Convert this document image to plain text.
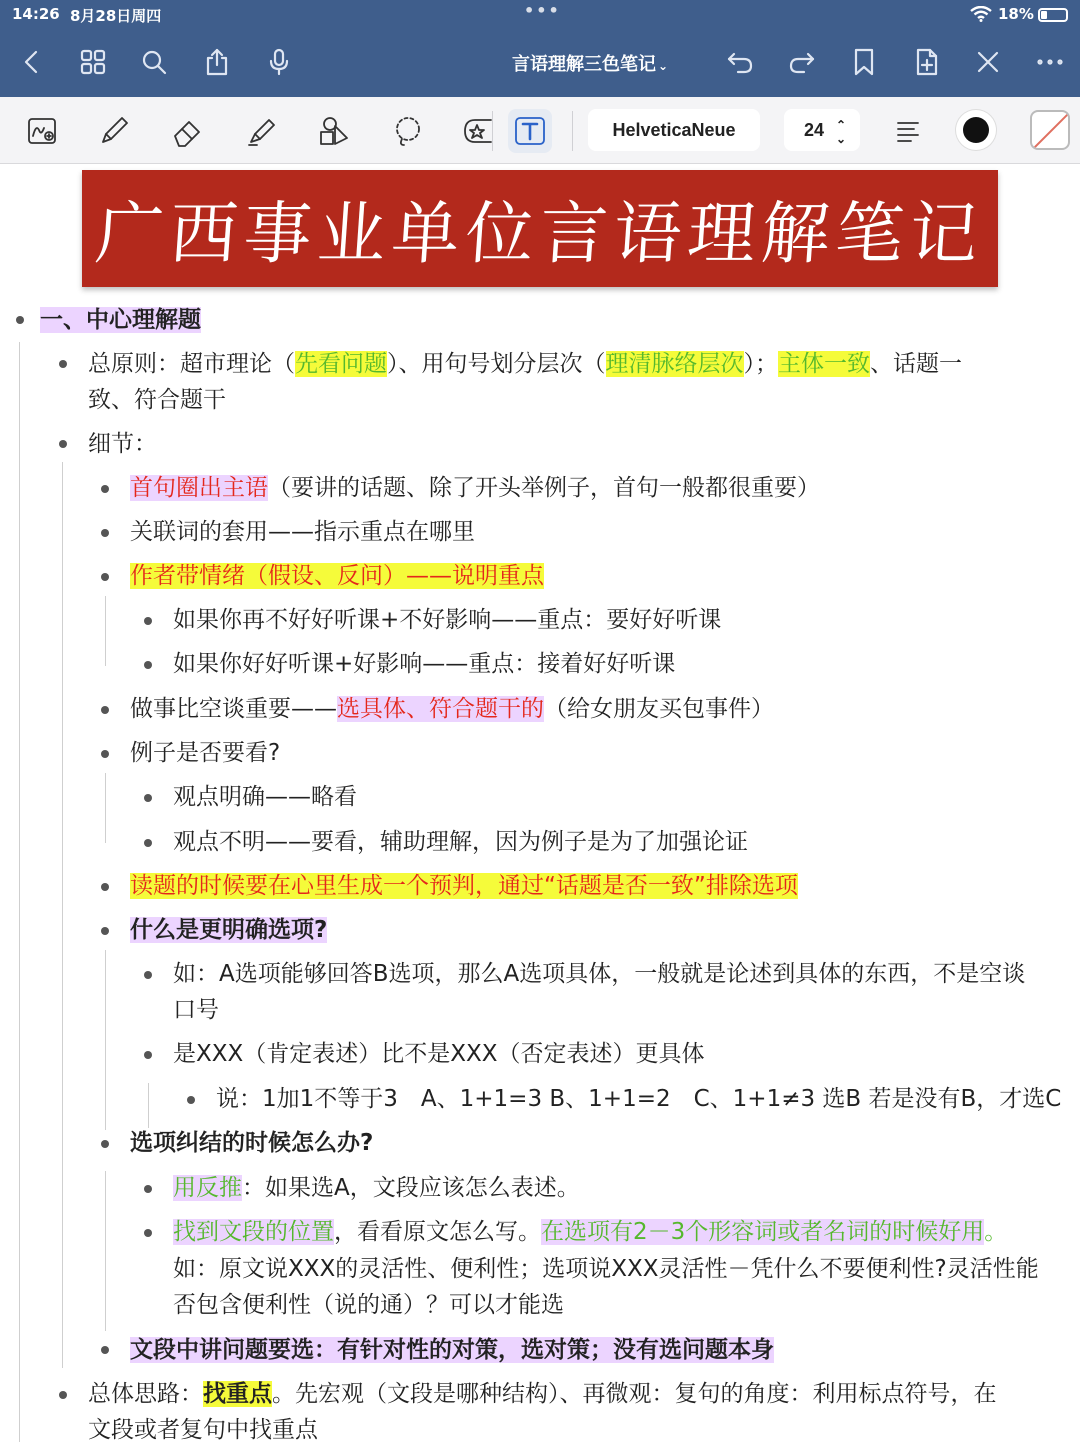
14:26 8月28日周四	•••	18%
言语理解三色笔记 ⌄
HelveticaNeue	24 ⌃
⌄
广西事业单位言语理解笔记
一、中心理解题
总原则：超市理论（先看问题）、用句号划分层次（理清脉络层次）；主体一致、话题一
致、符合题干
细节：
首句圈出主语（要讲的话题、除了开头举例子，首句一般都很重要）
关联词的套用——指示重点在哪里
作者带情绪（假设、反问）——说明重点
如果你再不好好听课+不好影响——重点：要好好听课
如果你好好听课+好影响——重点：接着好好听课
做事比空谈重要——选具体、符合题干的（给女朋友买包事件）
例子是否要看?
观点明确——略看
观点不明——要看，辅助理解，因为例子是为了加强论证
读题的时候要在心里生成一个预判，通过“话题是否一致”排除选项
什么是更明确选项?
如：A选项能够回答B选项，那么A选项具体，一般就是论述到具体的东西，不是空谈
口号
是XXX（肯定表述）比不是XXX（否定表述）更具体
说：1加1不等于3　A、1+1=3 B、1+1=2　C、1+1≠3 选B 若是没有B，才选C
选项纠结的时候怎么办?
用反推：如果选A，文段应该怎么表述。
找到文段的位置，看看原文怎么写。在选项有2－3个形容词或者名词的时候好用。
如：原文说XXX的灵活性、便利性；选项说XXX灵活性－凭什么不要便利性?灵活性能
否包含便利性（说的通）？可以才能选
文段中讲问题要选：有针对性的对策，选对策；没有选问题本身
总体思路：找重点。先宏观（文段是哪种结构）、再微观：复句的角度：利用标点符号，在
文段或者复句中找重点
